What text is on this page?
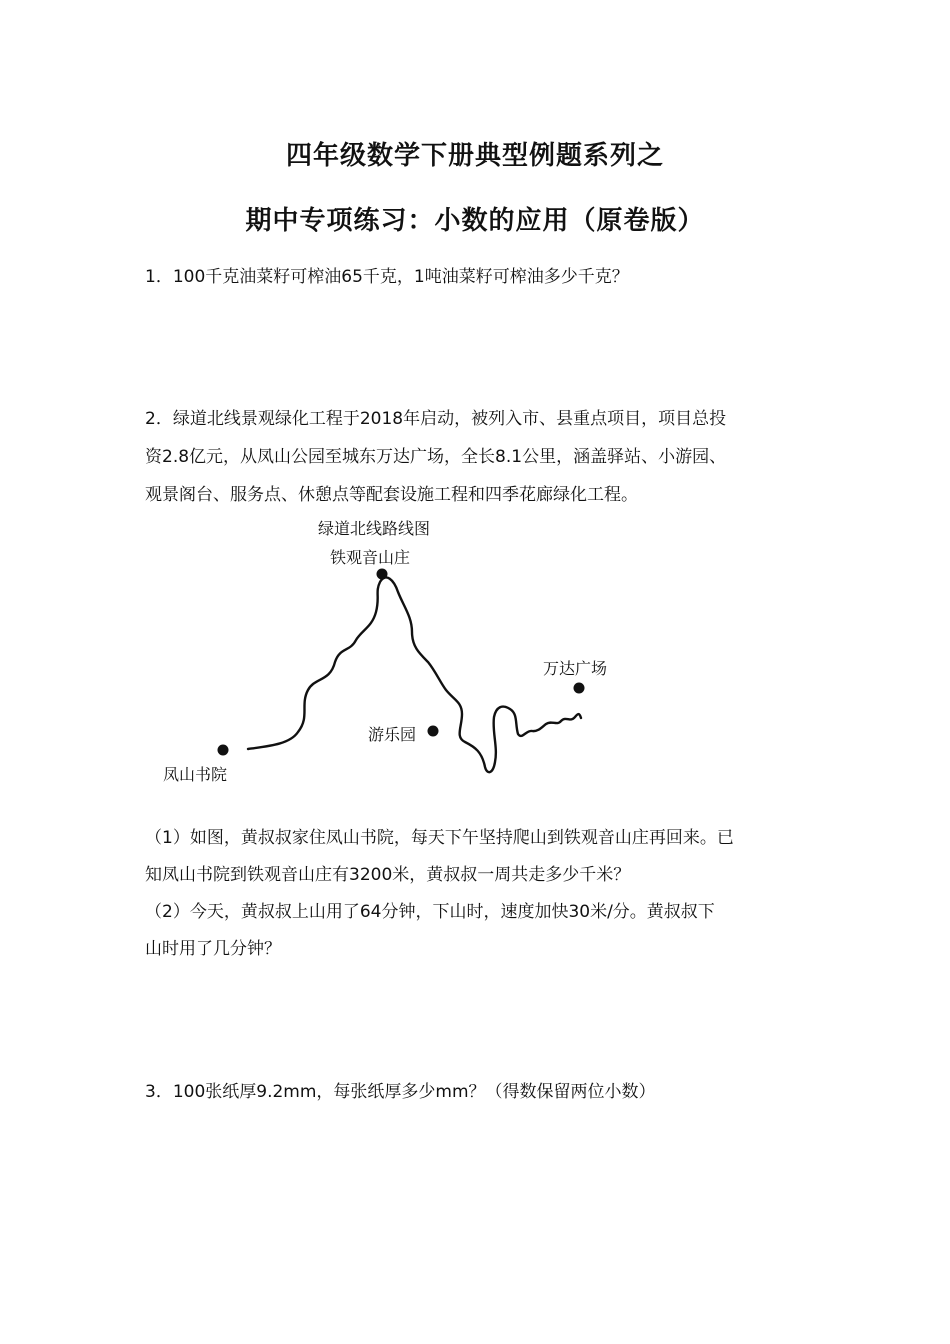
四年级数学下册典型例题系列之
期中专项练习：小数的应用（原卷版）
1．100千克油菜籽可榨油65千克，1吨油菜籽可榨油多少千克？
2．绿道北线景观绿化工程于2018年启动，被列入市、县重点项目，项目总投
资2.8亿元，从凤山公园至城东万达广场，全长8.1公里，涵盖驿站、小游园、
观景阁台、服务点、休憩点等配套设施工程和四季花廊绿化工程。
绿道北线路线图
铁观音山庄
万达广场
游乐园
凤山书院
（1）如图，黄叔叔家住凤山书院，每天下午坚持爬山到铁观音山庄再回来。已
知凤山书院到铁观音山庄有3200米，黄叔叔一周共走多少千米？
（2）今天，黄叔叔上山用了64分钟，下山时，速度加快30米/分。黄叔叔下
山时用了几分钟？
3．100张纸厚9.2mm，每张纸厚多少mm？（得数保留两位小数）
